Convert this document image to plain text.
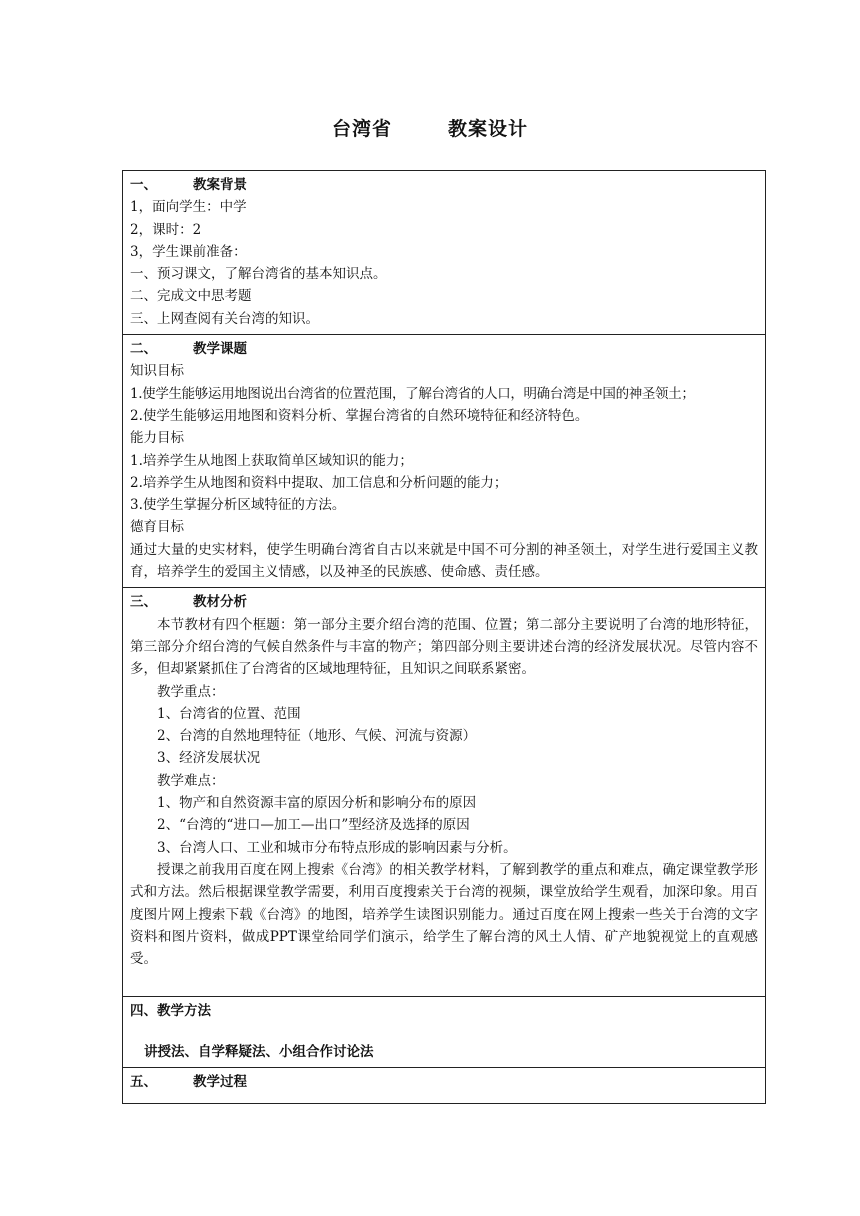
台湾省	教案设计
一、	教案背景
1，面向学生：中学
2，课时：2
3，学生课前准备：
一、预习课文，了解台湾省的基本知识点。
二、完成文中思考题
三、上网查阅有关台湾的知识。

二、	教学课题
知识目标
1.使学生能够运用地图说出台湾省的位置范围，了解台湾省的人口，明确台湾是中国的神圣领土；
2.使学生能够运用地图和资料分析、掌握台湾省的自然环境特征和经济特色。
能力目标
1.培养学生从地图上获取简单区域知识的能力；
2.培养学生从地图和资料中提取、加工信息和分析问题的能力；
3.使学生掌握分析区域特征的方法。
德育目标
通过大量的史实材料，使学生明确台湾省自古以来就是中国不可分割的神圣领土，对学生进行爱国主义教育，培养学生的爱国主义情感，以及神圣的民族感、使命感、责任感。

三、	教材分析
本节教材有四个框题：第一部分主要介绍台湾的范围、位置；第二部分主要说明了台湾的地形特征，第三部分介绍台湾的气候自然条件与丰富的物产；第四部分则主要讲述台湾的经济发展状况。尽管内容不多，但却紧紧抓住了台湾省的区域地理特征，且知识之间联系紧密。
教学重点：
1、台湾省的位置、范围
2、台湾的自然地理特征（地形、气候、河流与资源）
3、经济发展状况
教学难点：
1、物产和自然资源丰富的原因分析和影响分布的原因
2、“台湾的“进口—加工—出口”型经济及选择的原因
3、台湾人口、工业和城市分布特点形成的影响因素与分析。
授课之前我用百度在网上搜索《台湾》的相关教学材料，了解到教学的重点和难点，确定课堂教学形式和方法。然后根据课堂教学需要，利用百度搜索关于台湾的视频，课堂放给学生观看，加深印象。用百度图片网上搜索下载《台湾》的地图，培养学生读图识别能力。通过百度在网上搜索一些关于台湾的文字资料和图片资料，做成PPT课堂给同学们演示，给学生了解台湾的风土人情、矿产地貌视觉上的直观感受。

四、教学方法
讲授法、自学释疑法、小组合作讨论法

五、	教学过程
